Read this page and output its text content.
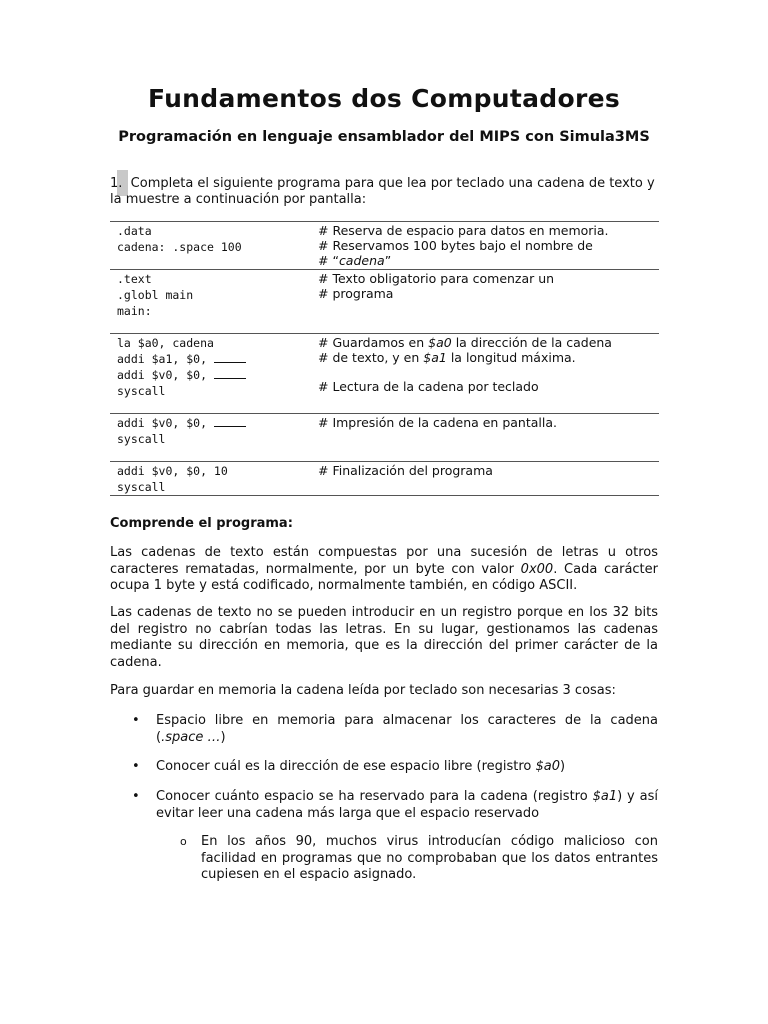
Fundamentos dos Computadores
Programación en lenguaje ensamblador del MIPS con Simula3MS
1. Completa el siguiente programa para que lea por teclado una cadena de texto y la muestre a continuación por pantalla:
.data
cadena: .space 100	# Reserva de espacio para datos en memoria.
# Reservamos 100 bytes bajo el nombre de
# “cadena”

.text
.globl main
main:	# Texto obligatorio para comenzar un
# programa

la $a0, cadena
addi $a1, $0,
addi $v0, $0,
syscall	# Guardamos en $a0 la dirección de la cadena
# de texto, y en $a1 la longitud máxima.
# Lectura de la cadena por teclado

addi $v0, $0,
syscall	# Impresión de la cadena en pantalla.

addi $v0, $0, 10
syscall	# Finalización del programa
Comprende el programa:

Las cadenas de texto están compuestas por una sucesión de letras u otros caracteres rematadas, normalmente, por un byte con valor 0x00. Cada carácter ocupa 1 byte y está codificado, normalmente también, en código ASCII.

Las cadenas de texto no se pueden introducir en un registro porque en los 32 bits del registro no cabrían todas las letras. En su lugar, gestionamos las cadenas mediante su dirección en memoria, que es la dirección del primer carácter de la cadena.

Para guardar en memoria la cadena leída por teclado son necesarias 3 cosas:

• Espacio libre en memoria para almacenar los caracteres de la cadena (.space …)
• Conocer cuál es la dirección de ese espacio libre (registro $a0)
• Conocer cuánto espacio se ha reservado para la cadena (registro $a1) y así evitar leer una cadena más larga que el espacio reservado
o En los años 90, muchos virus introducían código malicioso con facilidad en programas que no comprobaban que los datos entrantes cupiesen en el espacio asignado.
